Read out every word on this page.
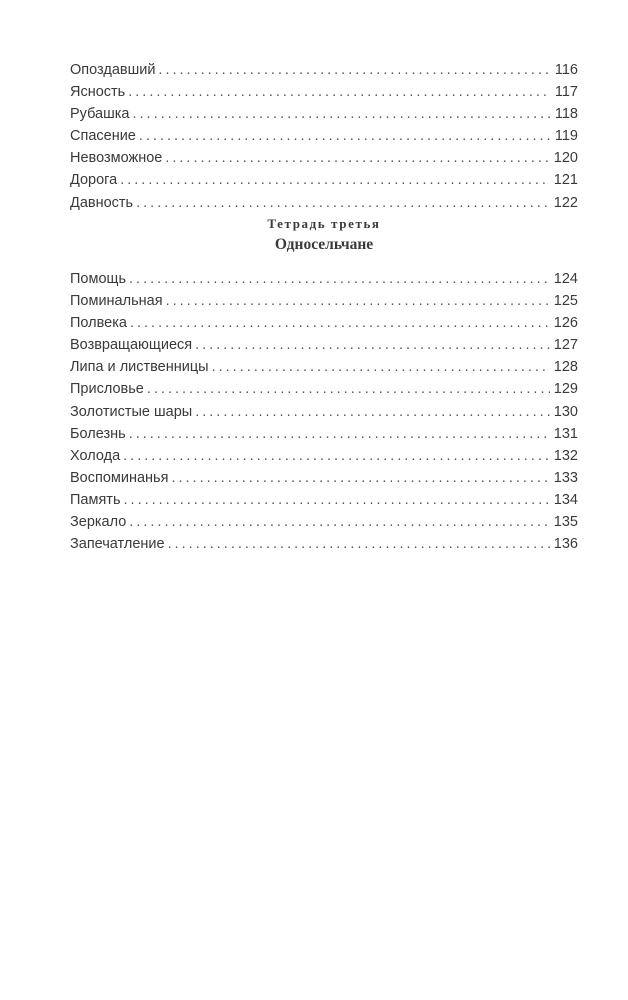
Опоздавший .....	116
Ясность .....	117
Рубашка .....	118
Спасение .....	119
Невозможное .....	120
Дорога .....	121
Давность .....	122
Тетрадь третья
Односельчане
Помощь .....	124
Поминальная .....	125
Полвека .....	126
Возвращающиеся .....	127
Липа и лиственницы .....	128
Присловье .....	129
Золотистые шары .....	130
Болезнь .....	131
Холода .....	132
Воспоминанья .....	133
Память .....	134
Зеркало .....	135
Запечатление .....	136
